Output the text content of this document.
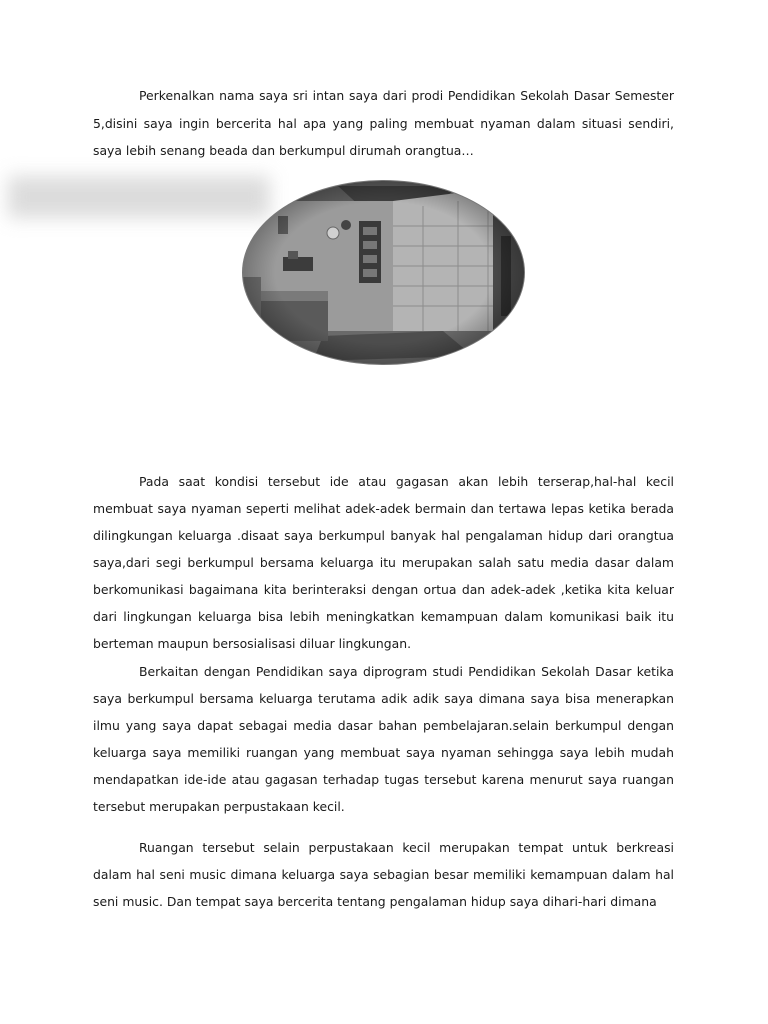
Perkenalkan nama saya sri intan saya dari prodi Pendidikan Sekolah Dasar Semester 5,disini saya ingin bercerita hal apa yang paling membuat nyaman dalam situasi sendiri, saya lebih senang beada dan berkumpul dirumah orangtua…

Pada saat kondisi tersebut ide atau gagasan akan lebih terserap,hal-hal kecil membuat saya nyaman seperti melihat adek-adek bermain dan tertawa lepas ketika berada dilingkungan keluarga .disaat saya berkumpul banyak hal pengalaman hidup dari orangtua saya,dari segi berkumpul bersama keluarga itu merupakan salah satu media dasar dalam berkomunikasi bagaimana kita berinteraksi dengan ortua dan adek-adek ,ketika kita keluar dari lingkungan keluarga bisa lebih meningkatkan kemampuan dalam komunikasi baik itu berteman maupun bersosialisasi diluar lingkungan.

Berkaitan dengan Pendidikan saya diprogram studi Pendidikan Sekolah Dasar ketika saya berkumpul bersama keluarga terutama adik adik saya dimana saya bisa menerapkan ilmu yang saya dapat sebagai media dasar bahan pembelajaran.selain berkumpul dengan keluarga saya memiliki ruangan yang membuat saya nyaman sehingga saya lebih mudah mendapatkan ide-ide atau gagasan terhadap tugas tersebut karena menurut saya ruangan tersebut merupakan perpustakaan kecil.

Ruangan tersebut selain perpustakaan kecil merupakan tempat untuk berkreasi dalam hal seni music dimana keluarga saya sebagian besar memiliki kemampuan dalam hal seni music. Dan tempat saya bercerita tentang pengalaman hidup saya dihari-hari dimana
